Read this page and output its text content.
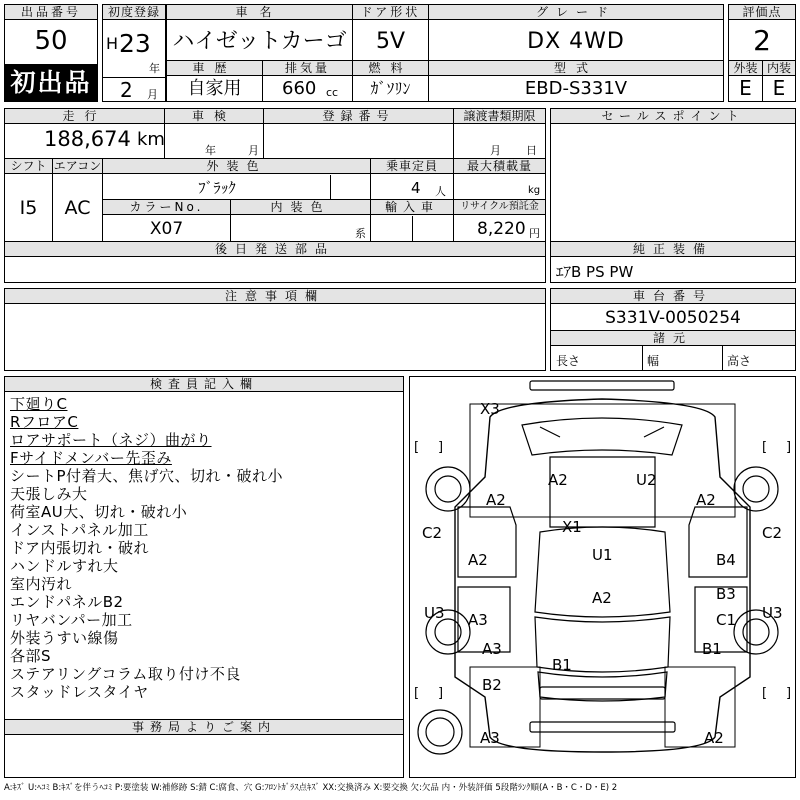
出品番号
50
初出品
初度登録
H 23
年
2 月
車名	ドア形状	グレード
ハイゼットカーゴ	5V	DX 4WD
車歴	排気量	燃料	型式
自家用	660 cc	ｶﾞｿﾘﾝ	EBD-S331V
評価点
2
外装 内装
E	E
走行	車検	登録番号	譲渡書類期限
188,674 km
年	月	月 日
シフト エアコン	外装色	乗車定員	最大積載量
I5	AC
ﾌﾞﾗｯｸ	4 人	kg
カラーNo.	内装色	輸入車	リサイクル預託金
X07	系	8,220 円
後日発送部品
セールスポイント
純正装備
ｴｱB PS PW
注意事項欄	車台番号
S331V-0050254
諸元
長さ	幅	高さ
検査員記入欄
下廻りC
RフロアC
ロアサポート（ネジ）曲がり
Fサイドメンバー先歪み
シートP付着大、焦げ穴、切れ・破れ小
天張しみ大
荷室AU大、切れ・破れ小
インストパネル加工
ドア内張切れ・破れ
ハンドルすれ大
室内汚れ
エンドパネルB2
リヤバンパー加工
外装うすい線傷
各部S
ステアリングコラム取り付け不良
スタッドレスタイヤ
事務局よりご案内
[ ]	[ ]
[ ]	[ ]
X3
A2	U2
A2	A2
X1
C2	C2
A2	U1	B4
A2	B3
U3 A3	C1 U3
A3
B1
B1
B2
A3	A2
A:ｷｽﾞ U:ﾍｺﾐ B:ｷｽﾞを伴うﾍｺﾐ P:要塗装 W:補修跡 S:錆 C:腐食、穴 G:ﾌﾛﾝﾄｶﾞﾗｽ点ｷｽﾞ XX:交換済み X:要交換 欠:欠品 内・外装評価 5段階ﾗﾝｸ順(A・B・C・D・E) 2
